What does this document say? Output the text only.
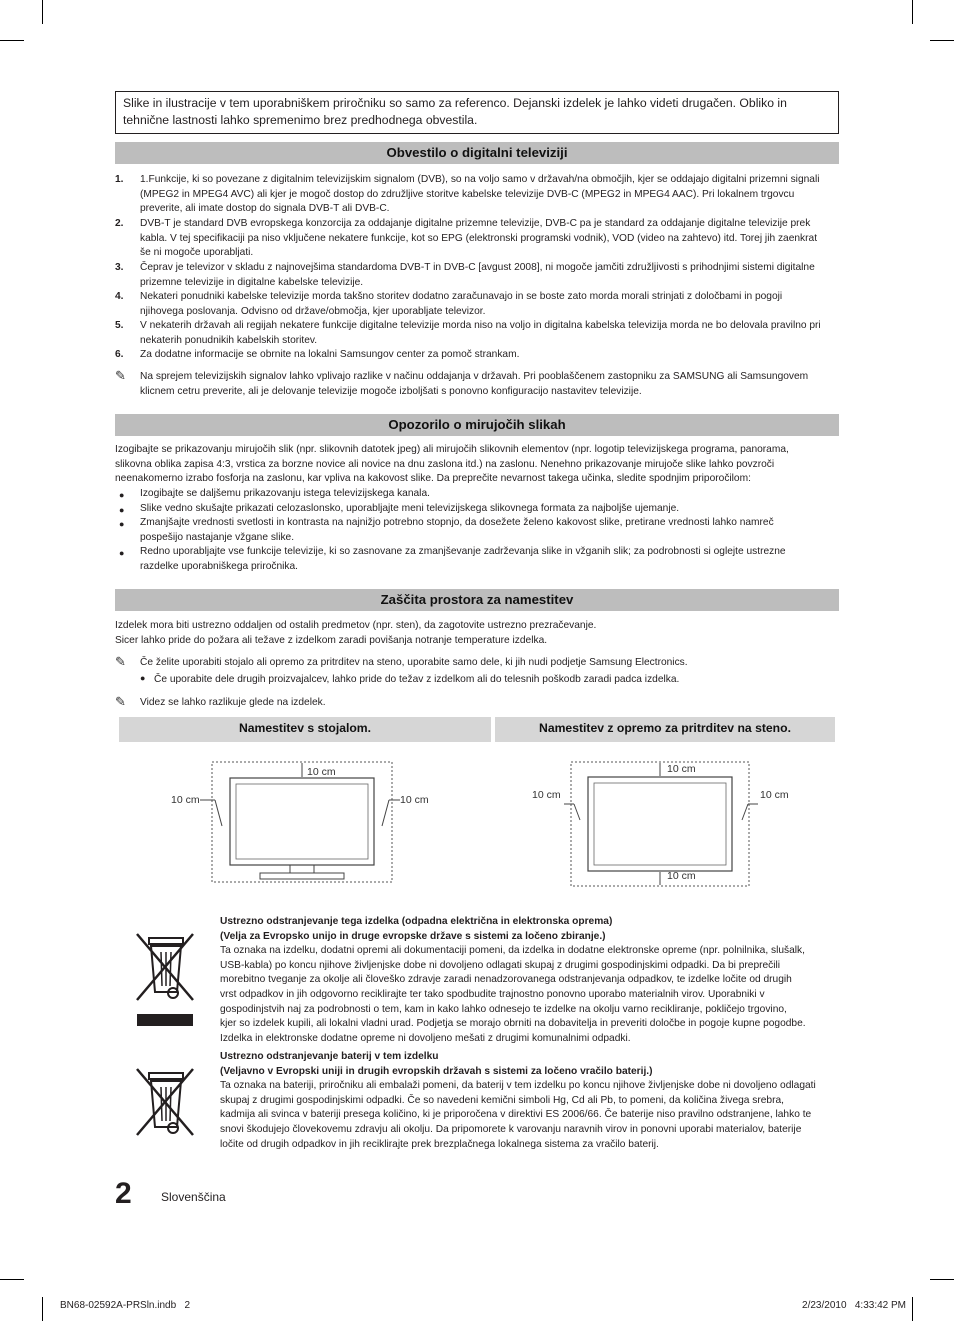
Slike in ilustracije v tem uporabniškem priročniku so samo za referenco. Dejanski izdelek je lahko videti drugačen. Obliko in tehnične lastnosti lahko spremenimo brez predhodnega obvestila.
Obvestilo o digitalni televiziji
1. 1.Funkcije, ki so povezane z digitalnim televizijskim signalom (DVB), so na voljo samo v državah/na območjih, kjer se oddajajo digitalni prizemni signali
(MPEG2 in MPEG4 AVC) ali kjer je mogoč dostop do združljive storitve kabelske televizije DVB-C (MPEG2 in MPEG4 AAC). Pri lokalnem trgovcu
preverite, ali imate dostop do signala DVB-T ali DVB-C.
2. DVB-T je standard DVB evropskega konzorcija za oddajanje digitalne prizemne televizije, DVB-C pa je standard za oddajanje digitalne televizije prek
kabla. V tej specifikaciji pa niso vključene nekatere funkcije, kot so EPG (elektronski programski vodnik), VOD (video na zahtevo) itd. Torej jih zaenkrat
še ni mogoče uporabljati.
3. Čeprav je televizor v skladu z najnovejšima standardoma DVB-T in DVB-C [avgust 2008], ni mogoče jamčiti združljivosti s prihodnjimi sistemi digitalne
prizemne televizije in digitalne kabelske televizije.
4. Nekateri ponudniki kabelske televizije morda takšno storitev dodatno zaračunavajo in se boste zato morda morali strinjati z določbami in pogoji
njihovega poslovanja. Odvisno od države/območja, kjer uporabljate televizor.
5. V nekaterih državah ali regijah nekatere funkcije digitalne televizije morda niso na voljo in digitalna kabelska televizija morda ne bo delovala pravilno pri
nekaterih ponudnikih kabelskih storitev.
6. Za dodatne informacije se obrnite na lokalni Samsungov center za pomoč strankam.
✎ Na sprejem televizijskih signalov lahko vplivajo razlike v načinu oddajanja v državah. Pri pooblaščenem zastopniku za SAMSUNG ali Samsungovem
klicnem cetru preverite, ali je delovanje televizije mogoče izboljšati s ponovno konfiguracijo nastavitev televizije.
Opozorilo o mirujočih slikah
Izogibajte se prikazovanju mirujočih slik (npr. slikovnih datotek jpeg) ali mirujočih slikovnih elementov (npr. logotip televizijskega programa, panorama,
slikovna oblika zapisa 4:3, vrstica za borzne novice ali novice na dnu zaslona itd.) na zaslonu. Nenehno prikazovanje mirujoče slike lahko povzroči
neenakomerno izrabo fosforja na zaslonu, kar vpliva na kakovost slike. Da preprečite nevarnost takega učinka, sledite spodnjim priporočilom:
● Izogibajte se daljšemu prikazovanju istega televizijskega kanala.
● Slike vedno skušajte prikazati celozaslonsko, uporabljajte meni televizijskega slikovnega formata za najboljše ujemanje.
● Zmanjšajte vrednosti svetlosti in kontrasta na najnižjo potrebno stopnjo, da dosežete želeno kakovost slike, pretirane vrednosti lahko namreč
pospešijo nastajanje vžgane slike.
● Redno uporabljajte vse funkcije televizije, ki so zasnovane za zmanjševanje zadrževanja slike in vžganih slik; za podrobnosti si oglejte ustrezne
razdelke uporabniškega priročnika.
Zaščita prostora za namestitev
Izdelek mora biti ustrezno oddaljen od ostalih predmetov (npr. sten), da zagotovite ustrezno prezračevanje.
Sicer lahko pride do požara ali težave z izdelkom zaradi povišanja notranje temperature izdelka.
✎ Če želite uporabiti stojalo ali opremo za pritrditev na steno, uporabite samo dele, ki jih nudi podjetje Samsung Electronics.
● Če uporabite dele drugih proizvajalcev, lahko pride do težav z izdelkom ali do telesnih poškodb zaradi padca izdelka.
✎ Videz se lahko razlikuje glede na izdelek.
Namestitev s stojalom.	Namestitev z opremo za pritrditev na steno.
10 cm
10 cm	10 cm
10 cm
10 cm	10 cm
10 cm
Ustrezno odstranjevanje tega izdelka (odpadna električna in elektronska oprema)
(Velja za Evropsko unijo in druge evropske države s sistemi za ločeno zbiranje.)
Ta oznaka na izdelku, dodatni opremi ali dokumentaciji pomeni, da izdelka in dodatne elektronske opreme (npr. polnilnika, slušalk,
USB-kabla) po koncu njihove življenjske dobe ni dovoljeno odlagati skupaj z drugimi gospodinjskimi odpadki. Da bi preprečili
morebitno tveganje za okolje ali človeško zdravje zaradi nenadzorovanega odstranjevanja odpadkov, te izdelke ločite od drugih
vrst odpadkov in jih odgovorno reciklirajte ter tako spodbudite trajnostno ponovno uporabo materialnih virov. Uporabniki v
gospodinjstvih naj za podrobnosti o tem, kam in kako lahko odnesejo te izdelke na okolju varno recikliranje, pokličejo trgovino,
kjer so izdelek kupili, ali lokalni vladni urad. Podjetja se morajo obrniti na dobavitelja in preveriti določbe in pogoje kupne pogodbe.
Izdelka in elektronske dodatne opreme ni dovoljeno mešati z drugimi komunalnimi odpadki.
Ustrezno odstranjevanje baterij v tem izdelku
(Veljavno v Evropski uniji in drugih evropskih državah s sistemi za ločeno vračilo baterij.)
Ta oznaka na bateriji, priročniku ali embalaži pomeni, da baterij v tem izdelku po koncu njihove življenjske dobe ni dovoljeno odlagati
skupaj z drugimi gospodinjskimi odpadki. Če so navedeni kemični simboli Hg, Cd ali Pb, to pomeni, da količina živega srebra,
kadmija ali svinca v bateriji presega količino, ki je priporočena v direktivi ES 2006/66. Če baterije niso pravilno odstranjene, lahko te
snovi škodujejo človekovemu zdravju ali okolju. Da pripomorete k varovanju naravnih virov in ponovni uporabi materialov, baterije
ločite od drugih odpadkov in jih reciklirajte prek brezplačnega lokalnega sistema za vračilo baterij.
2 Slovenščina
BN68-02592A-PRSln.indb   2	2/23/2010   4:33:42 PM
